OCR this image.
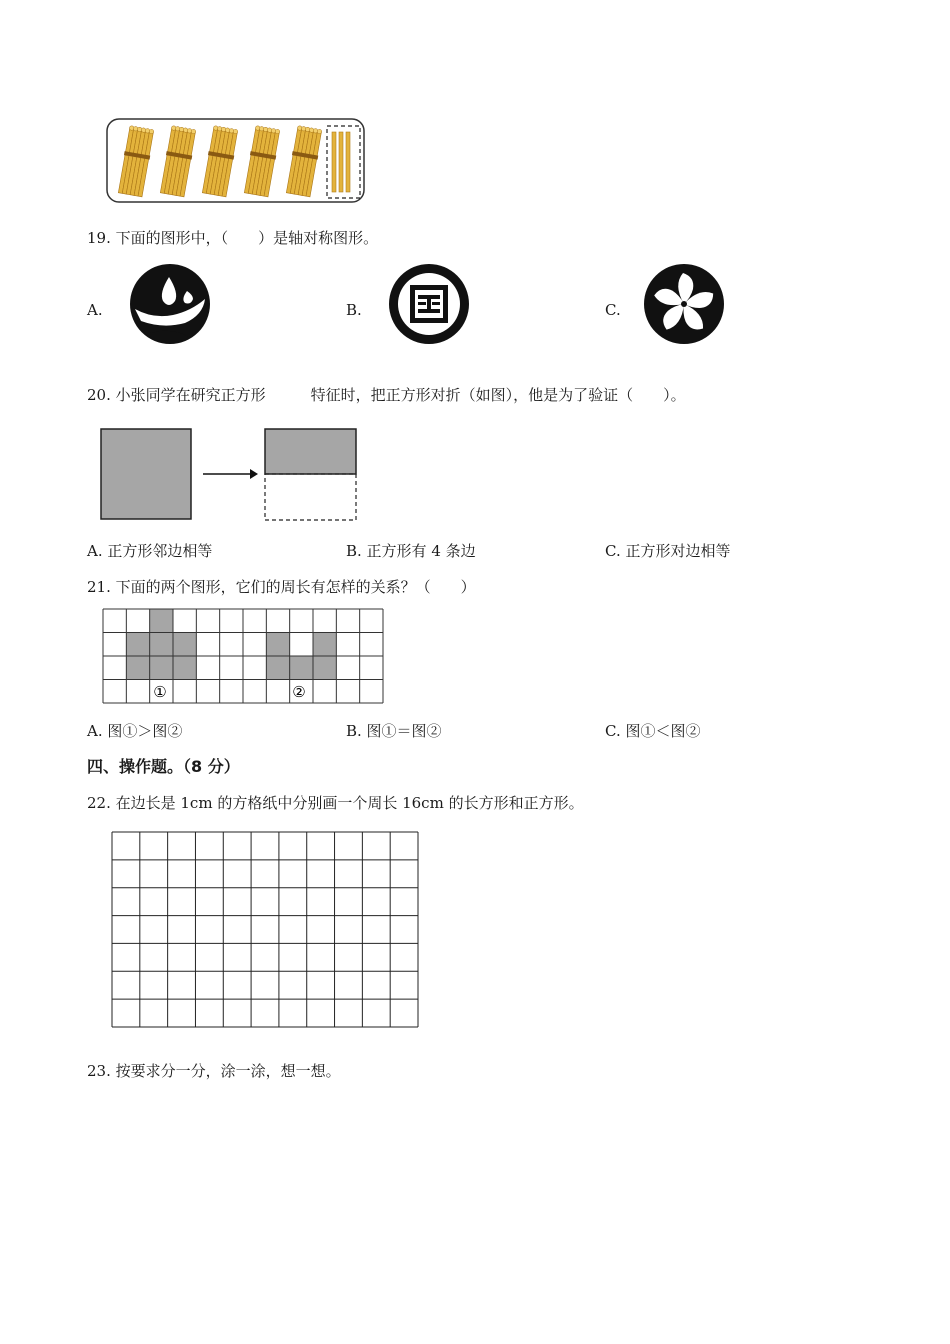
19. 下面的图形中，（　　）是轴对称图形。
A.	B.	C.
20. 小张同学在研究正方形　　　特征时，把正方形对折（如图），他是为了验证（　　）。
A. 正方形邻边相等	B. 正方形有 4 条边	C. 正方形对边相等
21. 下面的两个图形，它们的周长有怎样的关系？（　　）
①	②
A. 图①＞图②	B. 图①＝图②	C. 图①＜图②
四、操作题。（8 分）
22. 在边长是 1cm 的方格纸中分别画一个周长 16cm 的长方形和正方形。
23. 按要求分一分，涂一涂，想一想。
